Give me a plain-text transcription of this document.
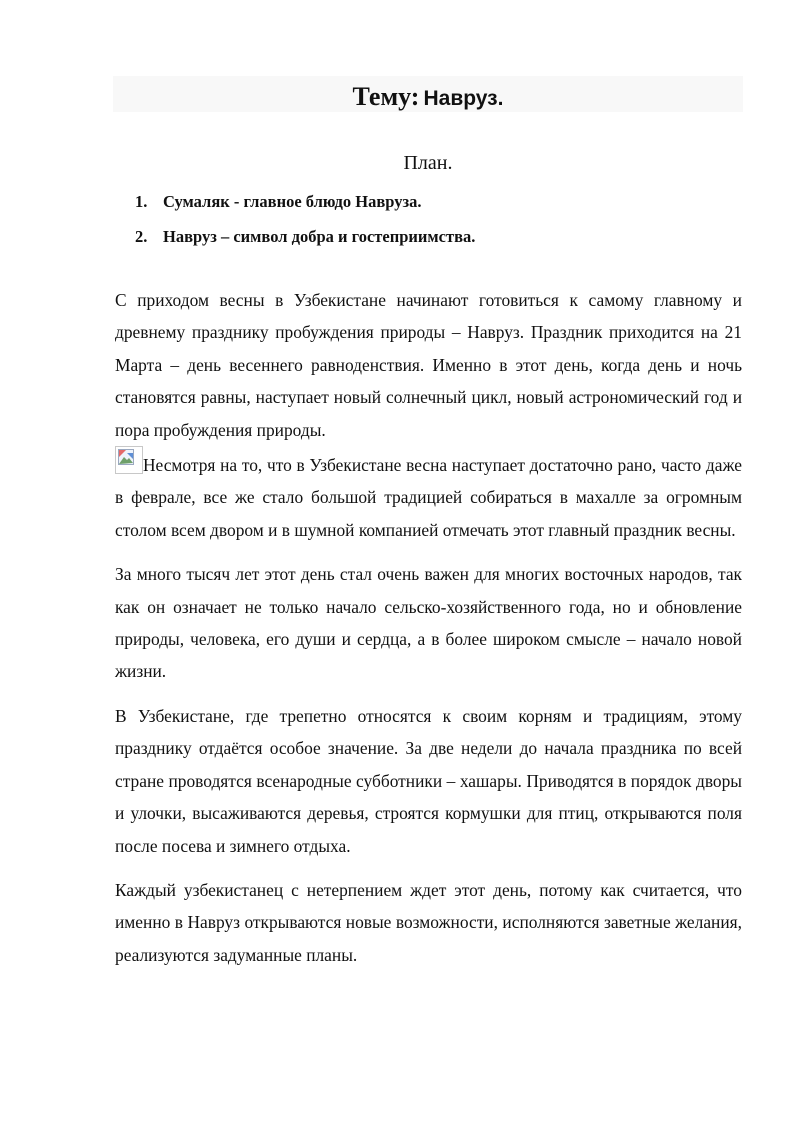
Тему: Навруз.
План.
1. Сумаляк - главное блюдо Навруза.
2. Навруз – символ добра и гостеприимства.

С приходом весны в Узбекистане начинают готовиться к самому главному и древнему празднику пробуждения природы – Навруз. Праздник приходится на 21 Марта – день весеннего равноденствия. Именно в этот день, когда день и ночь становятся равны, наступает новый солнечный цикл, новый астрономический год и пора пробуждения природы.

Несмотря на то, что в Узбекистане весна наступает достаточно рано, часто даже в феврале, все же стало большой традицией собираться в махалле за огромным столом всем двором и в шумной компанией отмечать этот главный праздник весны.

За много тысяч лет этот день стал очень важен для многих восточных народов, так как он означает не только начало сельско-хозяйственного года, но и обновление природы, человека, его души и сердца, а в более широком смысле – начало новой жизни.

В Узбекистане, где трепетно относятся к своим корням и традициям, этому празднику отдаётся особое значение. За две недели до начала праздника по всей стране проводятся всенародные субботники – хашары. Приводятся в порядок дворы и улочки, высаживаются деревья, строятся кормушки для птиц, открываются поля после посева и зимнего отдыха.

Каждый узбекистанец с нетерпением ждет этот день, потому как считается, что именно в Навруз открываются новые возможности, исполняются заветные желания, реализуются задуманные планы.
